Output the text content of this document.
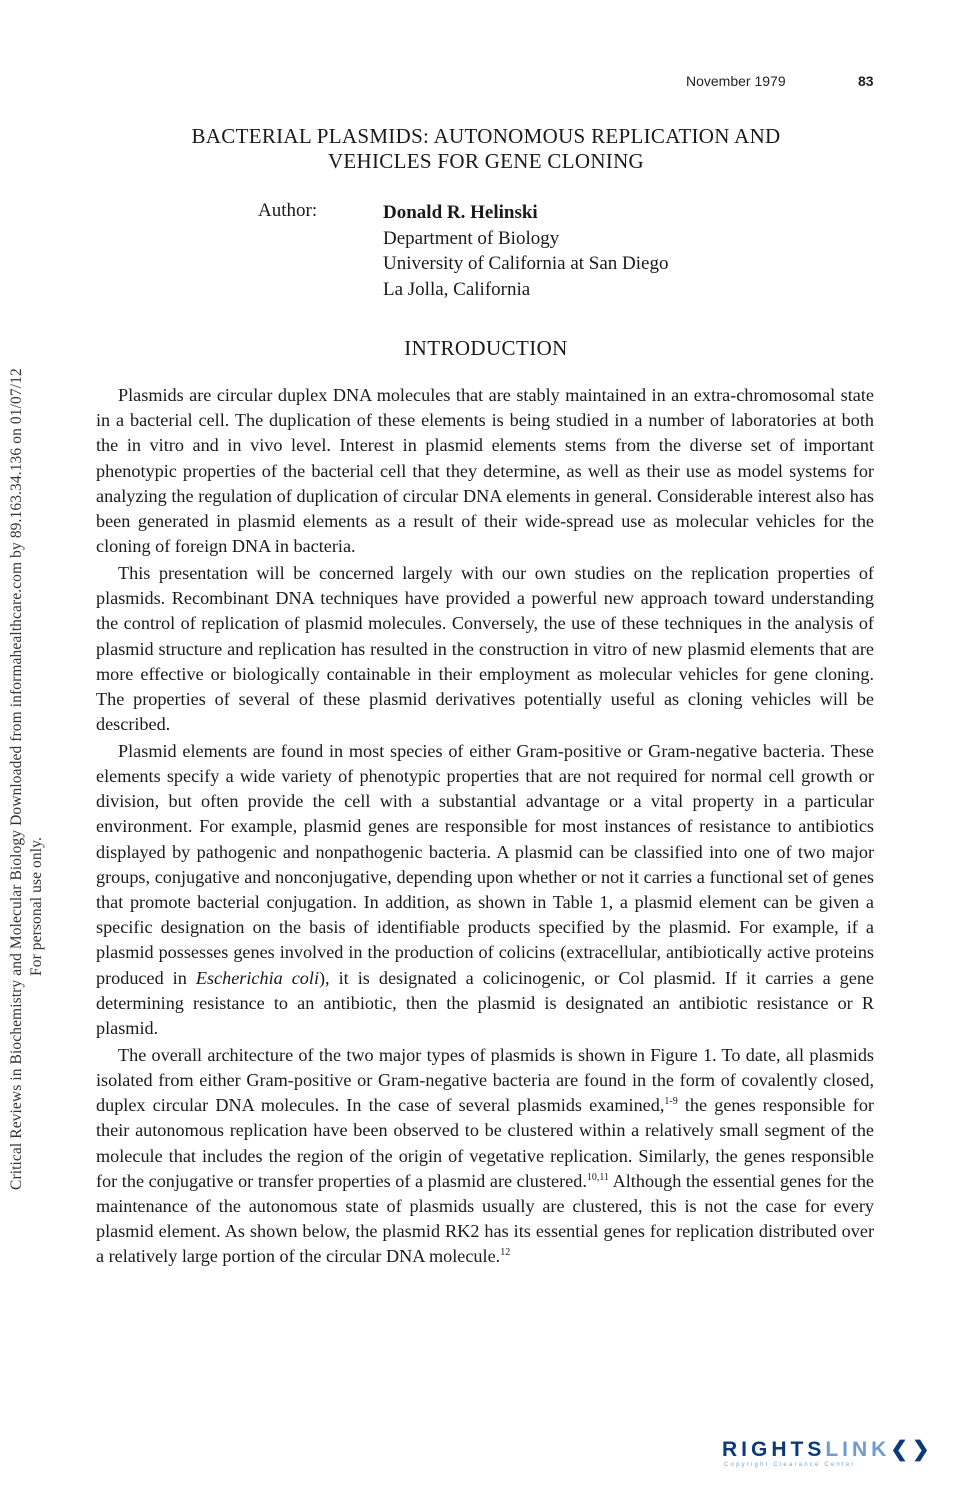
Critical Reviews in Biochemistry and Molecular Biology Downloaded from informahealthcare.com by 89.163.34.136 on 01/07/12 For personal use only.
November 1979	83
BACTERIAL PLASMIDS: AUTONOMOUS REPLICATION AND
VEHICLES FOR GENE CLONING
Author:	Donald R. Helinski
Department of Biology
University of California at San Diego
La Jolla, California
INTRODUCTION

Plasmids are circular duplex DNA molecules that are stably maintained in an extra-chromosomal state in a bacterial cell. The duplication of these elements is being studied in a number of laboratories at both the in vitro and in vivo level. Interest in plasmid elements stems from the diverse set of important phenotypic properties of the bacterial cell that they determine, as well as their use as model systems for analyzing the regulation of duplication of circular DNA elements in general. Considerable interest also has been generated in plasmid elements as a result of their wide-spread use as molecular vehicles for the cloning of foreign DNA in bacteria.

This presentation will be concerned largely with our own studies on the replication properties of plasmids. Recombinant DNA techniques have provided a powerful new approach toward understanding the control of replication of plasmid molecules. Conversely, the use of these techniques in the analysis of plasmid structure and replication has resulted in the construction in vitro of new plasmid elements that are more effective or biologically containable in their employment as molecular vehicles for gene cloning. The properties of several of these plasmid derivatives potentially useful as cloning vehicles will be described.

Plasmid elements are found in most species of either Gram-positive or Gram-negative bacteria. These elements specify a wide variety of phenotypic properties that are not required for normal cell growth or division, but often provide the cell with a substantial advantage or a vital property in a particular environment. For example, plasmid genes are responsible for most instances of resistance to antibiotics displayed by pathogenic and nonpathogenic bacteria. A plasmid can be classified into one of two major groups, conjugative and nonconjugative, depending upon whether or not it carries a functional set of genes that promote bacterial conjugation. In addition, as shown in Table 1, a plasmid element can be given a specific designation on the basis of identifiable products specified by the plasmid. For example, if a plasmid possesses genes involved in the production of colicins (extracellular, antibiotically active proteins produced in Escherichia coli), it is designated a colicinogenic, or Col plasmid. If it carries a gene determining resistance to an antibiotic, then the plasmid is designated an antibiotic resistance or R plasmid.

The overall architecture of the two major types of plasmids is shown in Figure 1. To date, all plasmids isolated from either Gram-positive or Gram-negative bacteria are found in the form of covalently closed, duplex circular DNA molecules. In the case of several plasmids examined,$^{1-9}$ the genes responsible for their autonomous replication have been observed to be clustered within a relatively small segment of the molecule that includes the region of the origin of vegetative replication. Similarly, the genes responsible for the conjugative or transfer properties of a plasmid are clustered.$^{10,11}$ Although the essential genes for the maintenance of the autonomous state of plasmids usually are clustered, this is not the case for every plasmid element. As shown below, the plasmid RK2 has its essential genes for replication distributed over a relatively large portion of the circular DNA molecule.$^{12}$

RIGHTSLINK❮❯
Copyright Clearance Center
